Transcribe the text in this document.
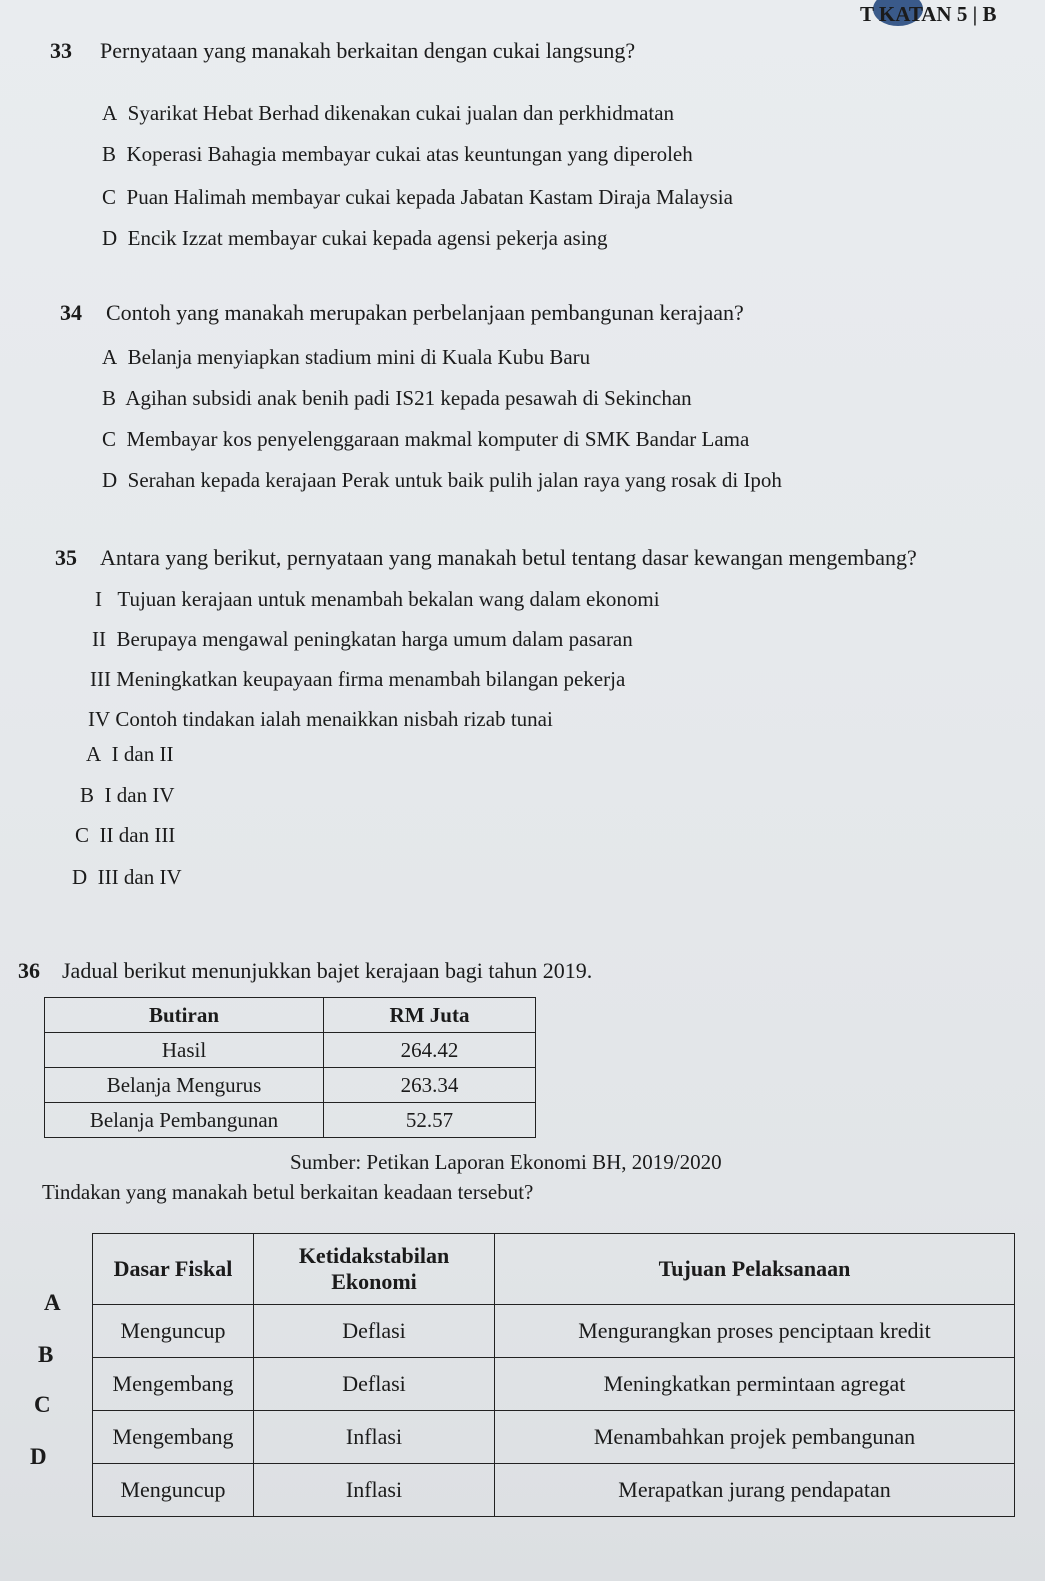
T KATAN 5 | B
33 Pernyataan yang manakah berkaitan dengan cukai langsung?
A Syarikat Hebat Berhad dikenakan cukai jualan dan perkhidmatan
B Koperasi Bahagia membayar cukai atas keuntungan yang diperoleh
C Puan Halimah membayar cukai kepada Jabatan Kastam Diraja Malaysia
D Encik Izzat membayar cukai kepada agensi pekerja asing
34 Contoh yang manakah merupakan perbelanjaan pembangunan kerajaan?
A Belanja menyiapkan stadium mini di Kuala Kubu Baru
B Agihan subsidi anak benih padi IS21 kepada pesawah di Sekinchan
C Membayar kos penyelenggaraan makmal komputer di SMK Bandar Lama
D Serahan kepada kerajaan Perak untuk baik pulih jalan raya yang rosak di Ipoh
35 Antara yang berikut, pernyataan yang manakah betul tentang dasar kewangan mengembang?
I Tujuan kerajaan untuk menambah bekalan wang dalam ekonomi
II Berupaya mengawal peningkatan harga umum dalam pasaran
III Meningkatkan keupayaan firma menambah bilangan pekerja
IV Contoh tindakan ialah menaikkan nisbah rizab tunai
A I dan II
B I dan IV
C II dan III
D III dan IV
36 Jadual berikut menunjukkan bajet kerajaan bagi tahun 2019.
Butiran	RM Juta
Hasil	264.42
Belanja Mengurus	263.34
Belanja Pembangunan	52.57
Sumber: Petikan Laporan Ekonomi BH, 2019/2020
Tindakan yang manakah betul berkaitan keadaan tersebut?
A
B
C
D
Dasar Fiskal	Ketidakstabilan Ekonomi	Tujuan Pelaksanaan
Menguncup	Deflasi	Mengurangkan proses penciptaan kredit
Mengembang	Deflasi	Meningkatkan permintaan agregat
Mengembang	Inflasi	Menambahkan projek pembangunan
Menguncup	Inflasi	Merapatkan jurang pendapatan
